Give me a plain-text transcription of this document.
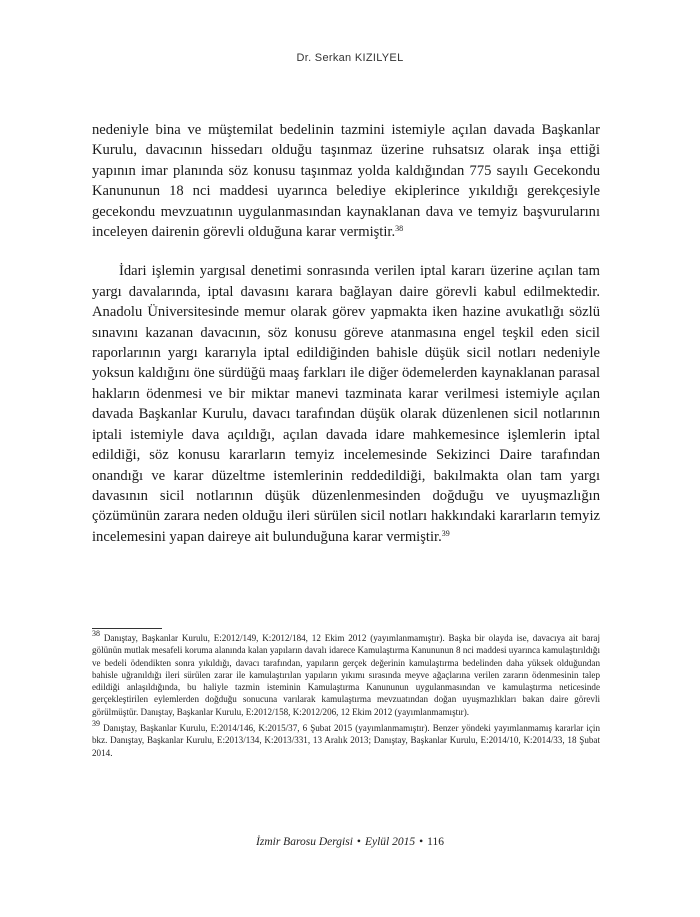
Dr. Serkan KIZILYEL

nedeniyle bina ve müştemilat bedelinin tazmini istemiyle açılan davada Başkanlar Kurulu, davacının hissedarı olduğu taşınmaz üzerine ruhsatsız olarak inşa ettiği yapının imar planında söz konusu taşınmaz yolda kaldığından 775 sayılı Gecekondu Kanununun 18 nci maddesi uyarınca belediye ekiplerince yıkıldığı gerekçesiyle gecekondu mevzuatının uygulanmasından kaynaklanan dava ve temyiz başvurularını inceleyen dairenin görevli olduğuna karar vermiştir.$^{38}$

İdari işlemin yargısal denetimi sonrasında verilen iptal kararı üzerine açılan tam yargı davalarında, iptal davasını karara bağlayan daire görevli kabul edilmektedir. Anadolu Üniversitesinde memur olarak görev yapmakta iken hazine avukatlığı sözlü sınavını kazanan davacının, söz konusu göreve atanmasına engel teşkil eden sicil raporlarının yargı kararıyla iptal edildiğinden bahisle düşük sicil notları nedeniyle yoksun kaldığını öne sürdüğü maaş farkları ile diğer ödemelerden kaynaklanan parasal hakların ödenmesi ve bir miktar manevi tazminata karar verilmesi istemiyle açılan davada Başkanlar Kurulu, davacı tarafından düşük olarak düzenlenen sicil notlarının iptali istemiyle dava açıldığı, açılan davada idare mahkemesince işlemlerin iptal edildiği, söz konusu kararların temyiz incelemesinde Sekizinci Daire tarafından onandığı ve karar düzeltme istemlerinin reddedildiği, bakılmakta olan tam yargı davasının sicil notlarının düşük düzenlenmesinden doğduğu ve uyuşmazlığın çözümünün zarara neden olduğu ileri sürülen sicil notları hakkındaki kararların temyiz incelemesini yapan daireye ait bulunduğuna karar vermiştir.$^{39}$

$^{38}$ Danıştay, Başkanlar Kurulu, E:2012/149, K:2012/184, 12 Ekim 2012 (yayımlanmamıştır). Başka bir olayda ise, davacıya ait baraj gölünün mutlak mesafeli koruma alanında kalan yapıların davalı idarece Kamulaştırma Kanununun 8 nci maddesi uyarınca kamulaştırıldığı ve bedeli ödendikten sonra yıkıldığı, davacı tarafından, yapıların gerçek değerinin kamulaştırma bedelinden daha yüksek olduğundan bahisle uğranıldığı ileri sürülen zarar ile kamulaştırılan yapıların yıkımı sırasında meyve ağaçlarına verilen zararın ödenmesinin talep edildiği anlaşıldığında, bu haliyle tazmin isteminin Kamulaştırma Kanununun uygulanmasından ve kamulaştırma neticesinde gerçekleştirilen eylemlerden doğduğu sonucuna varılarak kamulaştırma mevzuatından doğan uyuşmazlıkları bakan daire görevli görülmüştür. Danıştay, Başkanlar Kurulu, E:2012/158, K:2012/206, 12 Ekim 2012 (yayımlanmamıştır).

$^{39}$ Danıştay, Başkanlar Kurulu, E:2014/146, K:2015/37, 6 Şubat 2015 (yayımlanmamıştır). Benzer yöndeki yayımlanmamış kararlar için bkz. Danıştay, Başkanlar Kurulu, E:2013/134, K:2013/331, 13 Aralık 2013; Danıştay, Başkanlar Kurulu, E:2014/10, K:2014/33, 18 Şubat 2014.

İzmir Barosu Dergisi • Eylül 2015 • 116
